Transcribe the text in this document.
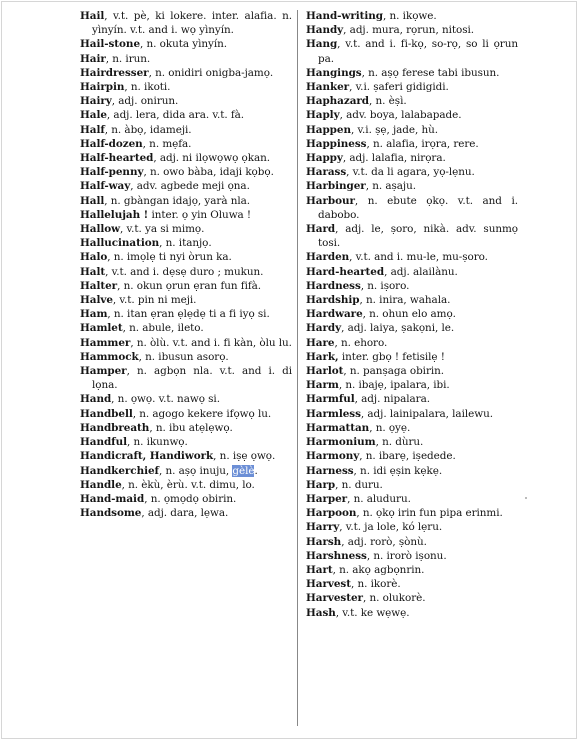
Hail, v.t. pè, ki lokere. inter. alafia. n. yìnyín. v.t. and i. wọ yìnyín.
Hail-stone, n. okuta yìnyín.
Hair, n. irun.
Hairdresser, n. onidiri onigba-jamọ.
Hairpin, n. ikoti.
Hairy, adj. onirun.
Hale, adj. lera, dida ara. v.t. fà.
Half, n. àbọ, idameji.
Half-dozen, n. mẹfa.
Half-hearted, adj. ni ilọwọwọ ọkan.
Half-penny, n. owo bàba, idaji kọbọ.
Half-way, adv. agbede meji ọna.
Hall, n. gbàngan idajọ, yarà nla.
Hallelujah ! inter. ọ yin Oluwa !
Hallow, v.t. ya si mimọ.
Hallucination, n. itanjọ.
Halo, n. imọlẹ ti nyi òrun ka.
Halt, v.t. and i. dẹsẹ duro ; mukun.
Halter, n. okun ọrun ẹran fun fifà.
Halve, v.t. pin ni meji.
Ham, n. itan ẹran ẹlẹdẹ ti a fi iyọ si.
Hamlet, n. abule, ileto.
Hammer, n. òlù. v.t. and i. fi kàn, òlu lu.
Hammock, n. ibusun asorọ.
Hamper, n. agbọn nla. v.t. and i. di lọna.
Hand, n. ọwọ. v.t. nawọ si.
Handbell, n. agogo kekere ifọwọ lu.
Handbreath, n. ibu atẹlẹwọ.
Handful, n. ikunwọ.
Handicraft, Handiwork, n. iṣẹ ọwọ.
Handkerchief, n. aṣọ inuju, gèlè.
Handle, n. èkù, èrù. v.t. dimu, lo.
Hand-maid, n. ọmọdọ obirin.
Handsome, adj. dara, lẹwa.
Hand-writing, n. ikọwe.
Handy, adj. mura, rọrun, nitosi.
Hang, v.t. and i. fi-kọ, so-rọ, so li ọrun pa.
Hangings, n. aṣọ ferese tabi ibusun.
Hanker, v.i. ṣaferi gidigidi.
Haphazard, n. èṣì.
Haply, adv. boya, lalabapade.
Happen, v.i. ṣẹ, jade, hù.
Happiness, n. alafia, irọra, rere.
Happy, adj. lalafia, nirọra.
Harass, v.t. da li agara, yọ-lẹnu.
Harbinger, n. aṣaju.
Harbour, n. ebute ọkọ. v.t. and i. dabobo.
Hard, adj. le, ṣoro, nikà. adv. sunmọ tosi.
Harden, v.t. and i. mu-le, mu-ṣoro.
Hard-hearted, adj. alailànu.
Hardness, n. iṣoro.
Hardship, n. inira, wahala.
Hardware, n. ohun elo amọ.
Hardy, adj. laiya, ṣakọni, le.
Hare, n. ehoro.
Hark, inter. gbọ ! fetisilẹ !
Harlot, n. panṣaga obirin.
Harm, n. ibajẹ, ipalara, ibi.
Harmful, adj. nipalara.
Harmless, adj. lainipalara, lailewu.
Harmattan, n. ọyẹ.
Harmonium, n. dùru.
Harmony, n. ibarẹ, iṣedede.
Harness, n. idi ẹṣin kẹkẹ.
Harp, n. duru.
Harper, n. aluduru.
Harpoon, n. ọkọ irin fun pipa erinmi.
Harry, v.t. ja lole, kó lẹru.
Harsh, adj. rorò, ṣònù.
Harshness, n. irorò iṣonu.
Hart, n. akọ agbọnrin.
Harvest, n. ikorè.
Harvester, n. olukorè.
Hash, v.t. ke wẹwẹ.
